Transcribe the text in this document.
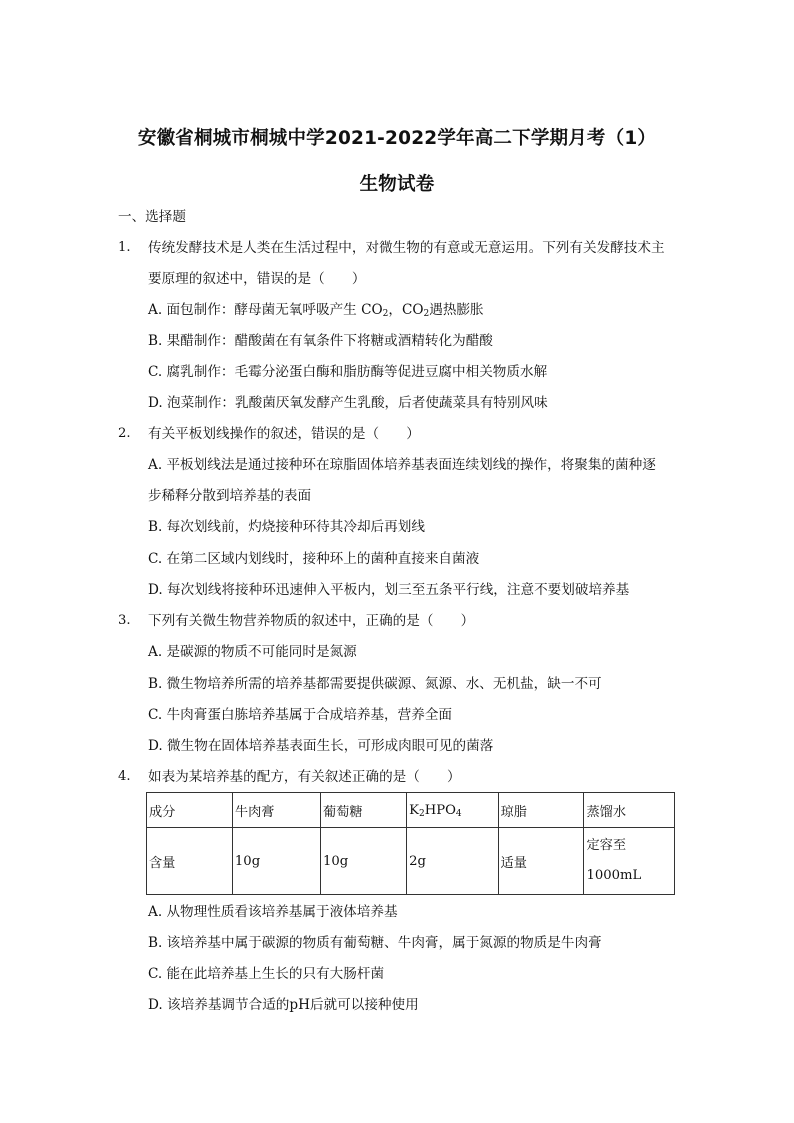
安徽省桐城市桐城中学2021-2022学年高二下学期月考（1）
生物试卷
一、选择题
1. 传统发酵技术是人类在生活过程中，对微生物的有意或无意运用。下列有关发酵技术主
要原理的叙述中，错误的是（　　）
A. 面包制作：酵母菌无氧呼吸产生 $CO_2$，$CO_2$遇热膨胀
B. 果醋制作：醋酸菌在有氧条件下将糖或酒精转化为醋酸
C. 腐乳制作：毛霉分泌蛋白酶和脂肪酶等促进豆腐中相关物质水解
D. 泡菜制作：乳酸菌厌氧发酵产生乳酸，后者使蔬菜具有特别风味
2. 有关平板划线操作的叙述，错误的是（　　）
A. 平板划线法是通过接种环在琼脂固体培养基表面连续划线的操作，将聚集的菌种逐
步稀释分散到培养基的表面
B. 每次划线前，灼烧接种环待其冷却后再划线
C. 在第二区域内划线时，接种环上的菌种直接来自菌液
D. 每次划线将接种环迅速伸入平板内，划三至五条平行线，注意不要划破培养基
3. 下列有关微生物营养物质的叙述中，正确的是（　　）
A. 是碳源的物质不可能同时是氮源
B. 微生物培养所需的培养基都需要提供碳源、氮源、水、无机盐，缺一不可
C. 牛肉膏蛋白胨培养基属于合成培养基，营养全面
D. 微生物在固体培养基表面生长，可形成肉眼可见的菌落
4. 如表为某培养基的配方，有关叙述正确的是（　　）
成分	牛肉膏	葡萄糖	$K_2HPO_4$	琼脂	蒸馏水
含量	10g	10g	2g	适量	定容至
1000mL
A. 从物理性质看该培养基属于液体培养基
B. 该培养基中属于碳源的物质有葡萄糖、牛肉膏，属于氮源的物质是牛肉膏
C. 能在此培养基上生长的只有大肠杆菌
D. 该培养基调节合适的pH后就可以接种使用
